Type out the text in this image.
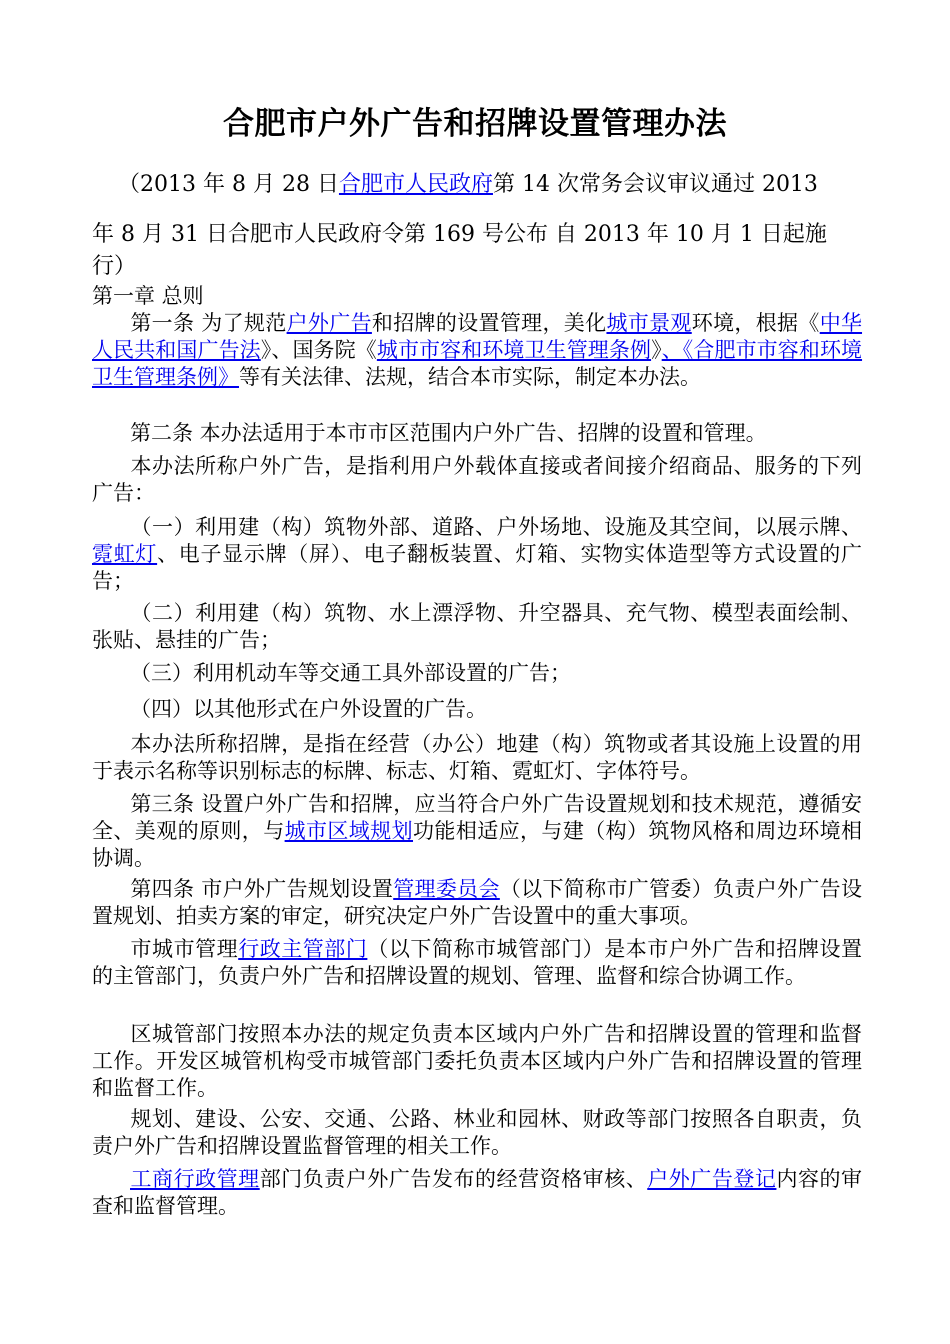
合肥市户外广告和招牌设置管理办法
（2013 年 8 月 28 日合肥市人民政府第 14 次常务会议审议通过 2013
年 8 月 31 日合肥市人民政府令第 169 号公布 自 2013 年 10 月 1 日起施
行）
第一章 总则
第一条 为了规范户外广告和招牌的设置管理，美化城市景观环境，根据《中华人民共和国广告法》、国务院《城市市容和环境卫生管理条例》、《合肥市市容和环境卫生管理条例》等有关法律、法规，结合本市实际，制定本办法。
第二条 本办法适用于本市市区范围内户外广告、招牌的设置和管理。
本办法所称户外广告，是指利用户外载体直接或者间接介绍商品、服务的下列广告：
（一）利用建（构）筑物外部、道路、户外场地、设施及其空间，以展示牌、霓虹灯、电子显示牌（屏）、电子翻板装置、灯箱、实物实体造型等方式设置的广告；
（二）利用建（构）筑物、水上漂浮物、升空器具、充气物、模型表面绘制、张贴、悬挂的广告；
（三）利用机动车等交通工具外部设置的广告；
（四）以其他形式在户外设置的广告。
本办法所称招牌，是指在经营（办公）地建（构）筑物或者其设施上设置的用于表示名称等识别标志的标牌、标志、灯箱、霓虹灯、字体符号。
第三条 设置户外广告和招牌，应当符合户外广告设置规划和技术规范，遵循安全、美观的原则，与城市区域规划功能相适应，与建（构）筑物风格和周边环境相协调。
第四条 市户外广告规划设置管理委员会（以下简称市广管委）负责户外广告设置规划、拍卖方案的审定，研究决定户外广告设置中的重大事项。
市城市管理行政主管部门（以下简称市城管部门）是本市户外广告和招牌设置的主管部门，负责户外广告和招牌设置的规划、管理、监督和综合协调工作。
区城管部门按照本办法的规定负责本区域内户外广告和招牌设置的管理和监督工作。开发区城管机构受市城管部门委托负责本区域内户外广告和招牌设置的管理和监督工作。
规划、建设、公安、交通、公路、林业和园林、财政等部门按照各自职责，负责户外广告和招牌设置监督管理的相关工作。
工商行政管理部门负责户外广告发布的经营资格审核、户外广告登记内容的审查和监督管理。
